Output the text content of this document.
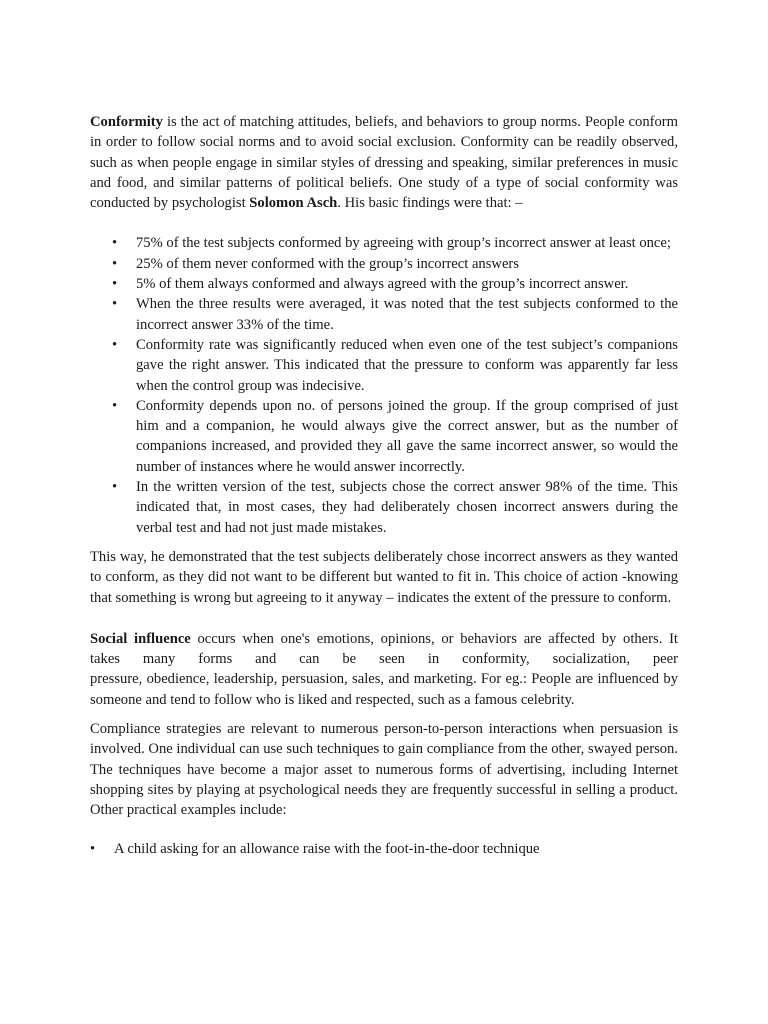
Conformity is the act of matching attitudes, beliefs, and behaviors to group norms. People conform in order to follow social norms and to avoid social exclusion. Conformity can be readily observed, such as when people engage in similar styles of dressing and speaking, similar preferences in music and food, and similar patterns of political beliefs. One study of a type of social conformity was conducted by psychologist Solomon Asch. His basic findings were that: –

• 75% of the test subjects conformed by agreeing with group’s incorrect answer at least once;
• 25% of them never conformed with the group’s incorrect answers
• 5% of them always conformed and always agreed with the group’s incorrect answer.
• When the three results were averaged, it was noted that the test subjects conformed to the incorrect answer 33% of the time.
• Conformity rate was significantly reduced when even one of the test subject’s companions gave the right answer. This indicated that the pressure to conform was apparently far less when the control group was indecisive.
• Conformity depends upon no. of persons joined the group. If the group comprised of just him and a companion, he would always give the correct answer, but as the number of companions increased, and provided they all gave the same incorrect answer, so would the number of instances where he would answer incorrectly.
• In the written version of the test, subjects chose the correct answer 98% of the time. This indicated that, in most cases, they had deliberately chosen incorrect answers during the verbal test and had not just made mistakes.

This way, he demonstrated that the test subjects deliberately chose incorrect answers as they wanted to conform, as they did not want to be different but wanted to fit in. This choice of action -knowing that something is wrong but agreeing to it anyway – indicates the extent of the pressure to conform.

Social influence occurs when one's emotions, opinions, or behaviors are affected by others. It
takes many forms and can be seen in conformity, socialization, peer
pressure, obedience, leadership, persuasion, sales, and marketing. For eg.: People are influenced by someone and tend to follow who is liked and respected, such as a famous celebrity.

Compliance strategies are relevant to numerous person-to-person interactions when persuasion is involved. One individual can use such techniques to gain compliance from the other, swayed person. The techniques have become a major asset to numerous forms of advertising, including Internet shopping sites by playing at psychological needs they are frequently successful in selling a product. Other practical examples include:

• A child asking for an allowance raise with the foot-in-the-door technique
